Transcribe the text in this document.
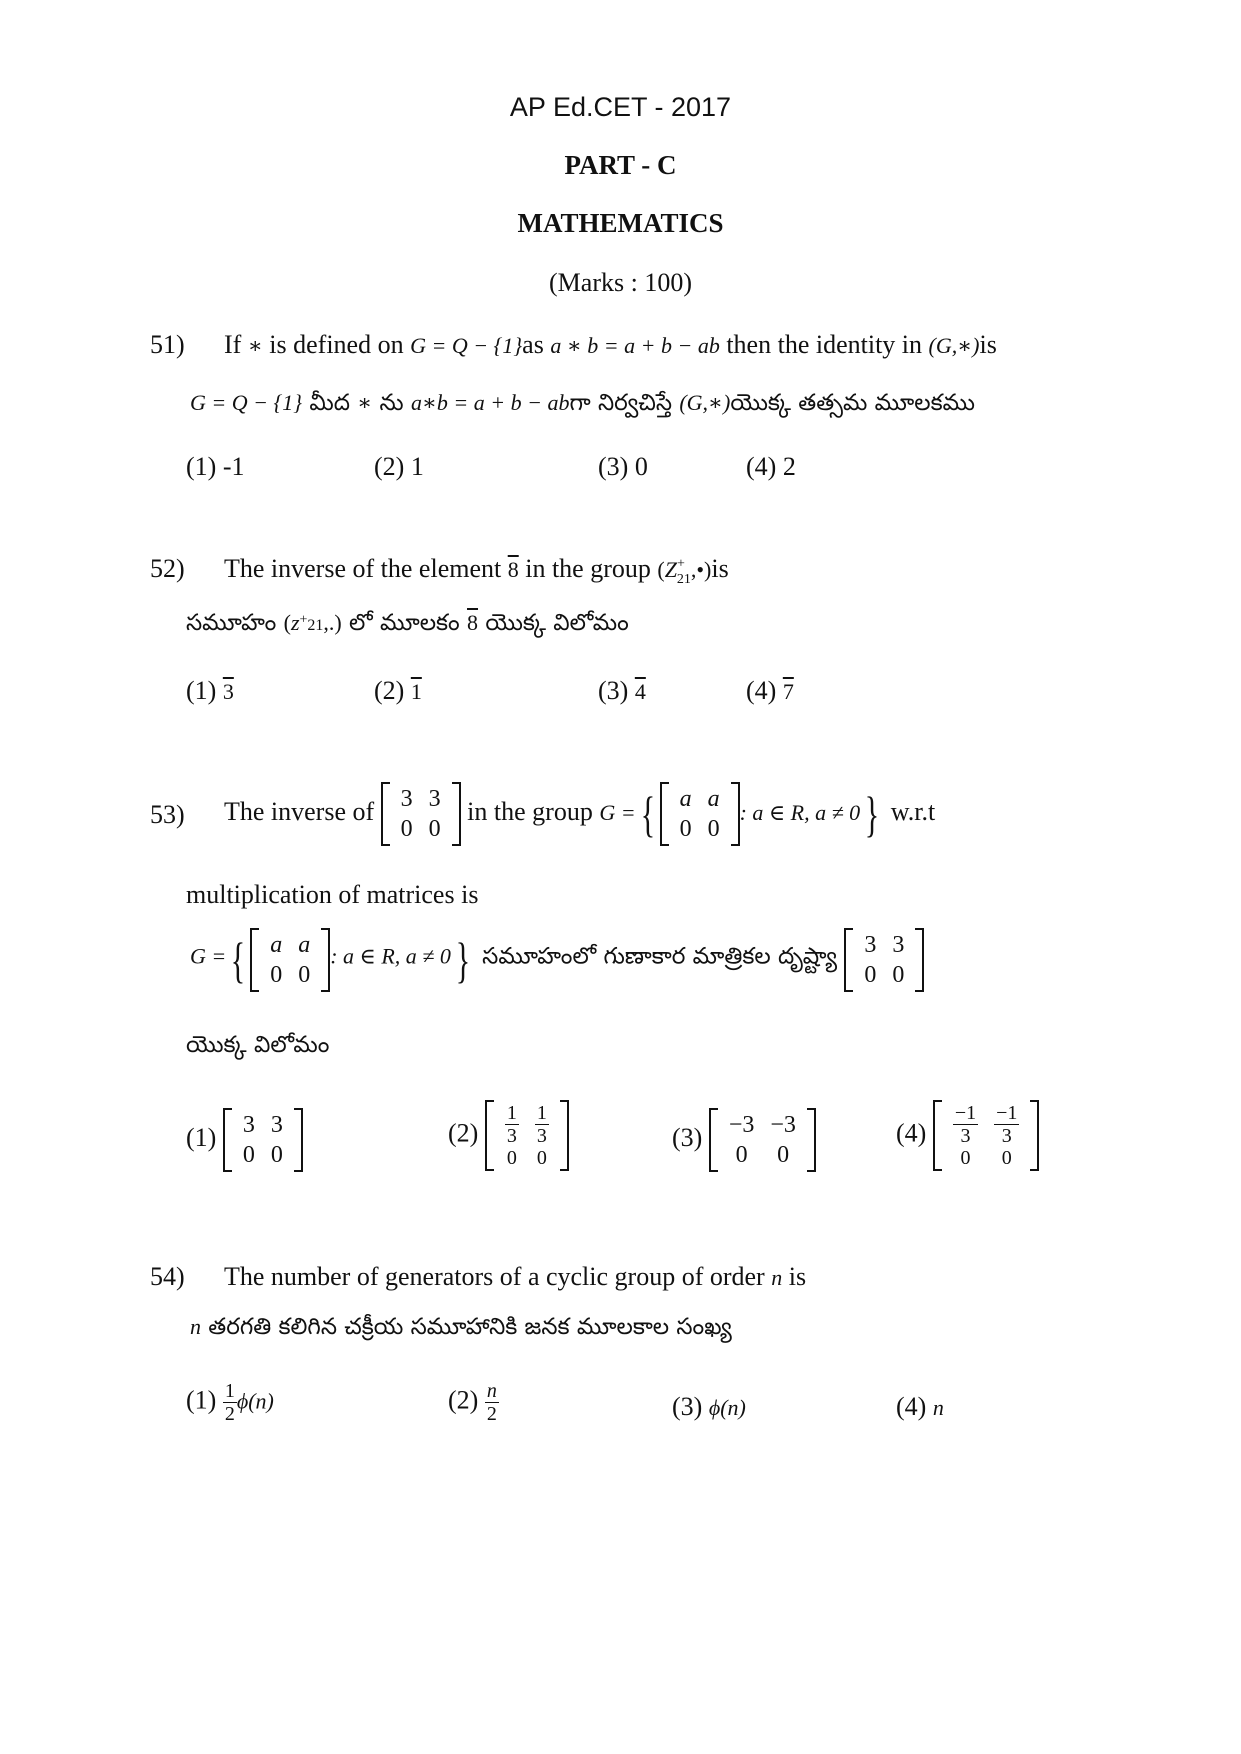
AP Ed.CET - 2017
PART - C
MATHEMATICS
(Marks : 100)
51) If ∗ is defined on G = Q − {1}as a ∗ b = a + b − ab then the identity in (G,∗)is
G = Q − {1} మీద ∗ ను a∗b = a + b − abగా నిర్వచిస్తే (G,∗)యొక్క తత్సమ మూలకము
(1) -1	(2) 1	(3) 0	(4) 2
52) The inverse of the element 8 in the group $(Z^+_{21},•)is$
సమూహం (z+21,.) లో మూలకం 8 యొక్క విలోమం
(1) 3	(2) 1	(3) 4	(4) 7
53) The inverse of 3	3
0	0
in the group G ={ a	a
0	0
: a ∈ R, a ≠ 0} w.r.t
multiplication of matrices is
G ={ a	a
0	0
: a ∈ R, a ≠ 0} సమూహంలో గుణాకార మాత్రికల దృష్ట్యా 3	3
0	0
యొక్క విలోమం
(1) 3	3
0	0
$(2) \frac{1}{3}$	$\frac{1}{3}$

0	0
(3) −3	−3
0	0
$(4) \frac{-1}{3}$	$\frac{-1}{3}$

0	0
54) The number of generators of a cyclic group of order n is
n తరగతి కలిగిన చక్రీయ సమూహానికి జనక మూలకాల సంఖ్య
$(1) \frac{1}{2} \phi(n)$	$(2) \frac{n}{2}$	(3) ϕ(n)	(4) n
